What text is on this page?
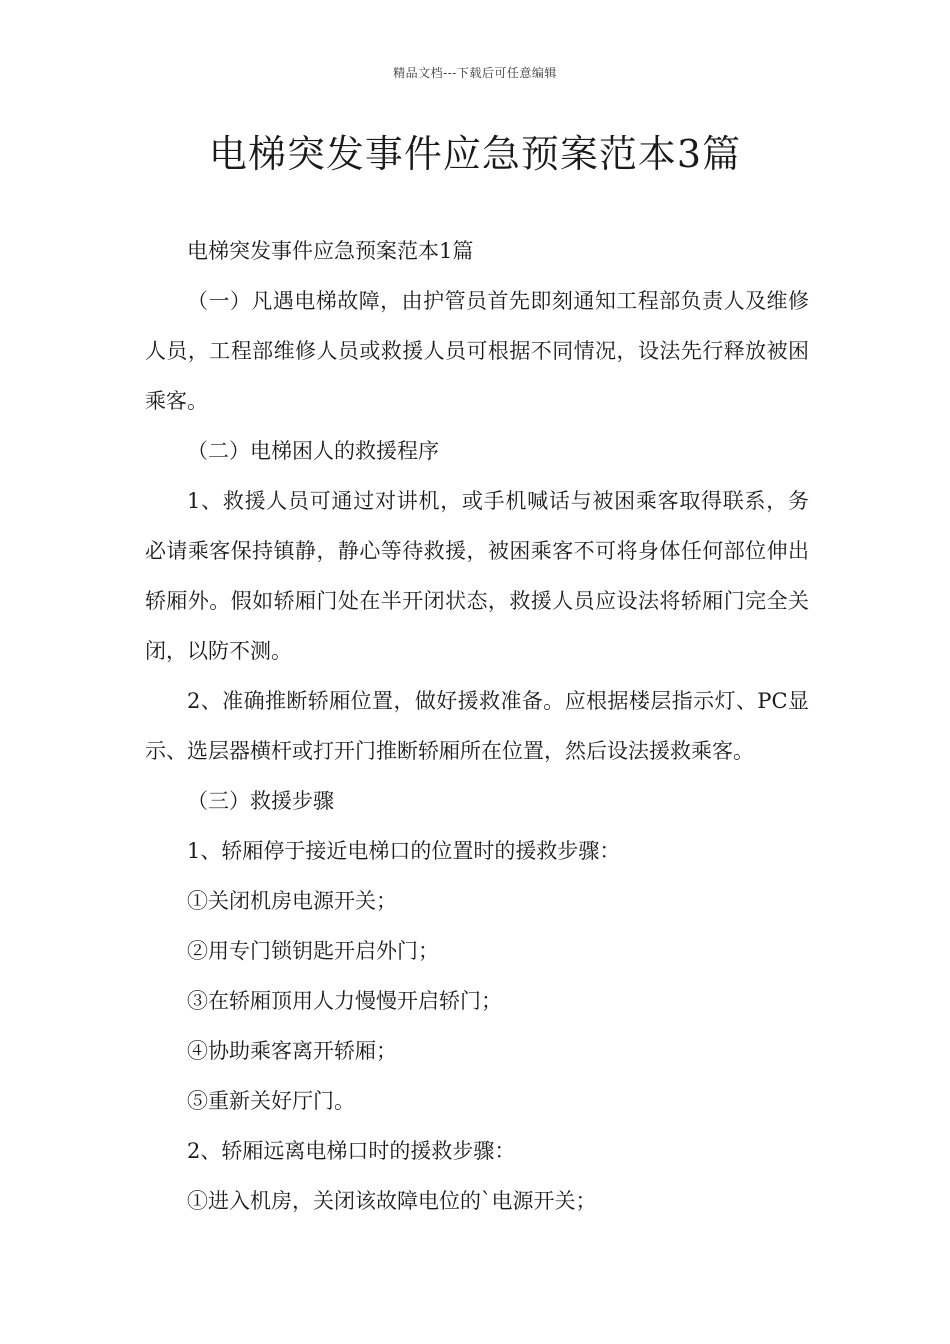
精品文档---下载后可任意编辑
电梯突发事件应急预案范本3篇

电梯突发事件应急预案范本1篇

（一）凡遇电梯故障，由护管员首先即刻通知工程部负责人及维修人员，工程部维修人员或救援人员可根据不同情况，设法先行释放被困乘客。

（二）电梯困人的救援程序

1、救援人员可通过对讲机，或手机喊话与被困乘客取得联系，务必请乘客保持镇静，静心等待救援，被困乘客不可将身体任何部位伸出轿厢外。假如轿厢门处在半开闭状态，救援人员应设法将轿厢门完全关闭，以防不测。

2、准确推断轿厢位置，做好援救准备。应根据楼层指示灯、PC显示、选层器横杆或打开门推断轿厢所在位置，然后设法援救乘客。

（三）救援步骤

1、轿厢停于接近电梯口的位置时的援救步骤：

①关闭机房电源开关；

②用专门锁钥匙开启外门；

③在轿厢顶用人力慢慢开启轿门；

④协助乘客离开轿厢；

⑤重新关好厅门。

2、轿厢远离电梯口时的援救步骤：

①进入机房，关闭该故障电位的`电源开关；
